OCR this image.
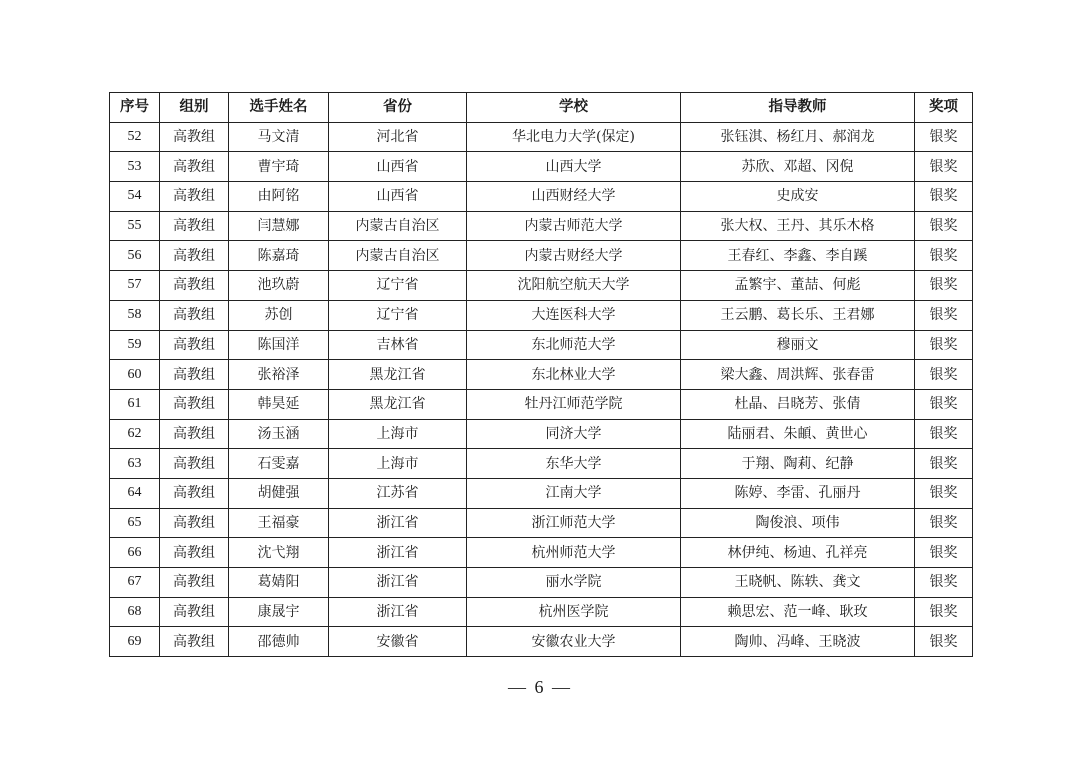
序号	组别	选手姓名	省份	学校	指导教师	奖项
52	高教组	马文清	河北省	华北电力大学(保定)	张钰淇、杨红月、郝润龙	银奖
53	高教组	曹宇琦	山西省	山西大学	苏欣、邓超、冈倪	银奖
54	高教组	由阿铭	山西省	山西财经大学	史成安	银奖
55	高教组	闫慧娜	内蒙古自治区	内蒙古师范大学	张大权、王丹、其乐木格	银奖
56	高教组	陈嘉琦	内蒙古自治区	内蒙古财经大学	王春红、李鑫、李自蹊	银奖
57	高教组	池玖蔚	辽宁省	沈阳航空航天大学	孟繁宇、董喆、何彪	银奖
58	高教组	苏创	辽宁省	大连医科大学	王云鹏、葛长乐、王君娜	银奖
59	高教组	陈国洋	吉林省	东北师范大学	穆丽文	银奖
60	高教组	张裕泽	黑龙江省	东北林业大学	梁大鑫、周洪辉、张春雷	银奖
61	高教组	韩昊延	黑龙江省	牡丹江师范学院	杜晶、吕晓芳、张倩	银奖
62	高教组	汤玉涵	上海市	同济大学	陆丽君、朱頔、黄世心	银奖
63	高教组	石雯嘉	上海市	东华大学	于翔、陶莉、纪静	银奖
64	高教组	胡健强	江苏省	江南大学	陈婷、李雷、孔丽丹	银奖
65	高教组	王福豪	浙江省	浙江师范大学	陶俊浪、项伟	银奖
66	高教组	沈弋翔	浙江省	杭州师范大学	林伊纯、杨迪、孔祥亮	银奖
67	高教组	葛婧阳	浙江省	丽水学院	王晓帆、陈轶、龚文	银奖
68	高教组	康晟宇	浙江省	杭州医学院	赖思宏、范一峰、耿玫	银奖
69	高教组	邵德帅	安徽省	安徽农业大学	陶帅、冯峰、王晓波	银奖
— 6 —
